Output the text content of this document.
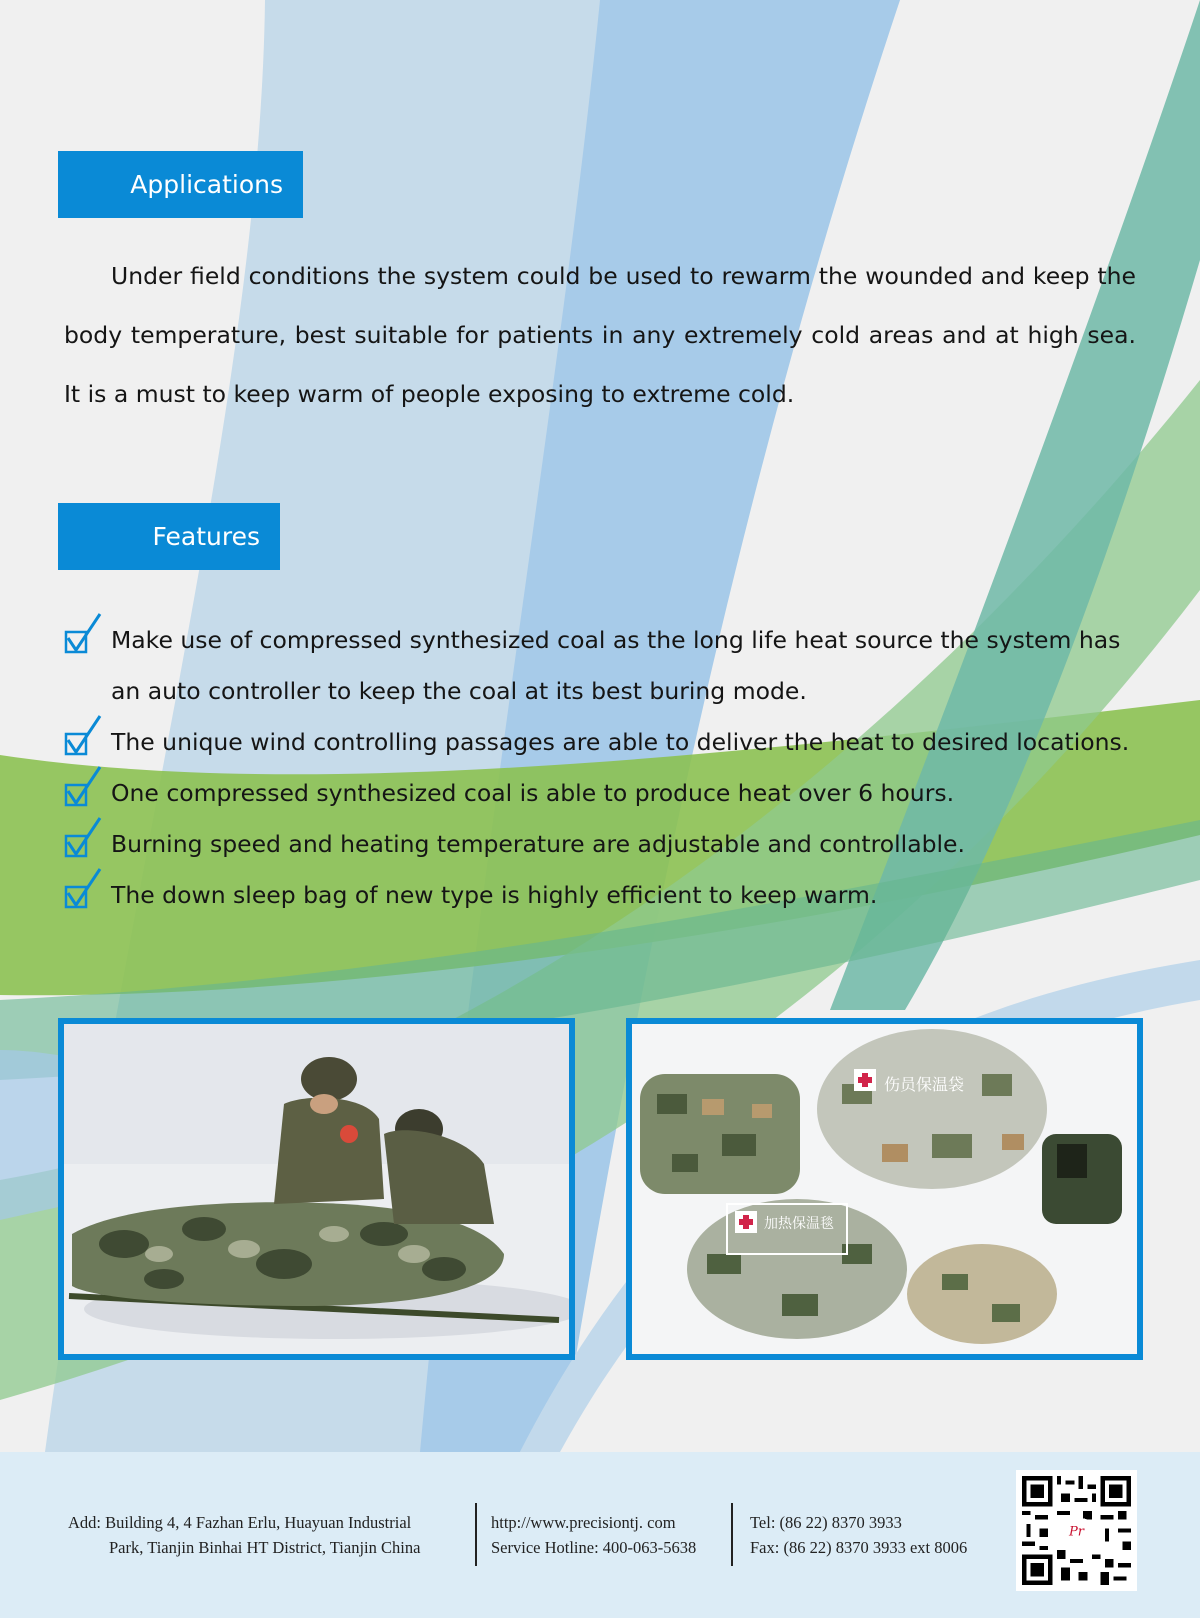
Applications

Under field conditions the system could be used to rewarm the wounded and keep the body temperature, best suitable for patients in any extremely cold areas and at high sea. It is a must to keep warm of people exposing to extreme cold.

Features
Make use of compressed synthesized coal as the long life heat source the system has an auto controller to keep the coal at its best buring mode.
The unique wind controlling passages are able to deliver the heat to desired locations.
One compressed synthesized coal is able to produce heat over 6 hours.
Burning speed and heating temperature are adjustable and controllable.
The down sleep bag of new type is highly efficient to keep warm.
伤员保温袋
加热保温毯
Add: Building 4, 4 Fazhan Erlu, Huayuan Industrial
Park, Tianjin Binhai HT District, Tianjin China
http://www.precisiontj. com
Service Hotline: 400-063-5638
Tel: (86 22) 8370 3933
Fax: (86 22) 8370 3933 ext 8006
Pr
